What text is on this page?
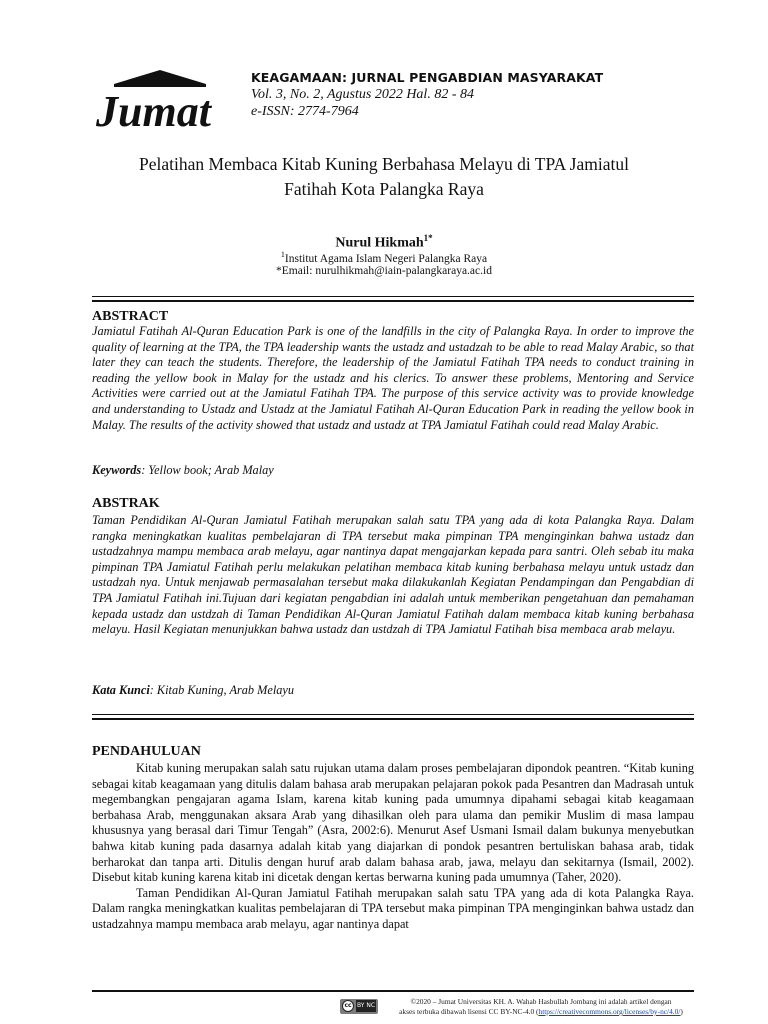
Jumat
KEAGAMAAN: JURNAL PENGABDIAN MASYARAKAT
Vol. 3, No. 2, Agustus 2022 Hal. 82 - 84
e-ISSN: 2774-7964
Pelatihan Membaca Kitab Kuning Berbahasa Melayu di TPA Jamiatul
Fatihah Kota Palangka Raya
Nurul Hikmah$^{1*}$
$^1$Institut Agama Islam Negeri Palangka Raya
*Email: nurulhikmah@iain-palangkaraya.ac.id
ABSTRACT
Jamiatul Fatihah Al-Quran Education Park is one of the landfills in the city of Palangka Raya. In order to improve the quality of learning at the TPA, the TPA leadership wants the ustadz and ustadzah to be able to read Malay Arabic, so that later they can teach the students. Therefore, the leadership of the Jamiatul Fatihah TPA needs to conduct training in reading the yellow book in Malay for the ustadz and his clerics. To answer these problems, Mentoring and Service Activities were carried out at the Jamiatul Fatihah TPA. The purpose of this service activity was to provide knowledge and understanding to Ustadz and Ustadz at the Jamiatul Fatihah Al-Quran Education Park in reading the yellow book in Malay. The results of the activity showed that ustadz and ustadz at TPA Jamiatul Fatihah could read Malay Arabic.
Keywords: Yellow book; Arab Malay
ABSTRAK
Taman Pendidikan Al-Quran Jamiatul Fatihah merupakan salah satu TPA yang ada di kota Palangka Raya. Dalam rangka meningkatkan kualitas pembelajaran di TPA tersebut maka pimpinan TPA menginginkan bahwa ustadz dan ustadzahnya mampu membaca arab melayu, agar nantinya dapat mengajarkan kepada para santri. Oleh sebab itu maka pimpinan TPA Jamiatul Fatihah perlu melakukan pelatihan membaca kitab kuning berbahasa melayu untuk ustadz dan ustadzah nya. Untuk menjawab permasalahan tersebut maka dilakukanlah Kegiatan Pendampingan dan Pengabdian di TPA Jamiatul Fatihah ini.Tujuan dari kegiatan pengabdian ini adalah untuk memberikan pengetahuan dan pemahaman kepada ustadz dan ustdzah di Taman Pendidikan Al-Quran Jamiatul Fatihah dalam membaca kitab kuning berbahasa melayu. Hasil Kegiatan menunjukkan bahwa ustadz dan ustdzah di TPA Jamiatul Fatihah bisa membaca arab melayu.
Kata Kunci: Kitab Kuning, Arab Melayu
PENDAHULUAN

Kitab kuning merupakan salah satu rujukan utama dalam proses pembelajaran dipondok peantren. “Kitab kuning sebagai kitab keagamaan yang ditulis dalam bahasa arab merupakan pelajaran pokok pada Pesantren dan Madrasah untuk megembangkan pengajaran agama Islam, karena kitab kuning pada umumnya dipahami sebagai kitab keagamaan berbahasa Arab, menggunakan aksara Arab yang dihasilkan oleh para ulama dan pemikir Muslim di masa lampau khususnya yang berasal dari Timur Tengah” (Asra, 2002:6). Menurut Asef Usmani Ismail dalam bukunya menyebutkan bahwa kitab kuning pada dasarnya adalah kitab yang diajarkan di pondok pesantren bertuliskan bahasa arab, tidak berharokat dan tanpa arti. Ditulis dengan huruf arab dalam bahasa arab, jawa, melayu dan sekitarnya (Ismail, 2002). Disebut kitab kuning karena kitab ini dicetak dengan kertas berwarna kuning pada umumnya (Taher, 2020).

Taman Pendidikan Al-Quran Jamiatul Fatihah merupakan salah satu TPA yang ada di kota Palangka Raya. Dalam rangka meningkatkan kualitas pembelajaran di TPA tersebut maka pimpinan TPA menginginkan bahwa ustadz dan ustadzahnya mampu membaca arab melayu, agar nantinya dapat

cc BY NC	©2020 – Jumat Universitas KH. A. Wahab Hasbullah Jombang ini adalah artikel dengan
akses terbuka dibawah lisensi CC BY-NC-4.0 (https://creativecommons.org/licenses/by-nc/4.0/)
